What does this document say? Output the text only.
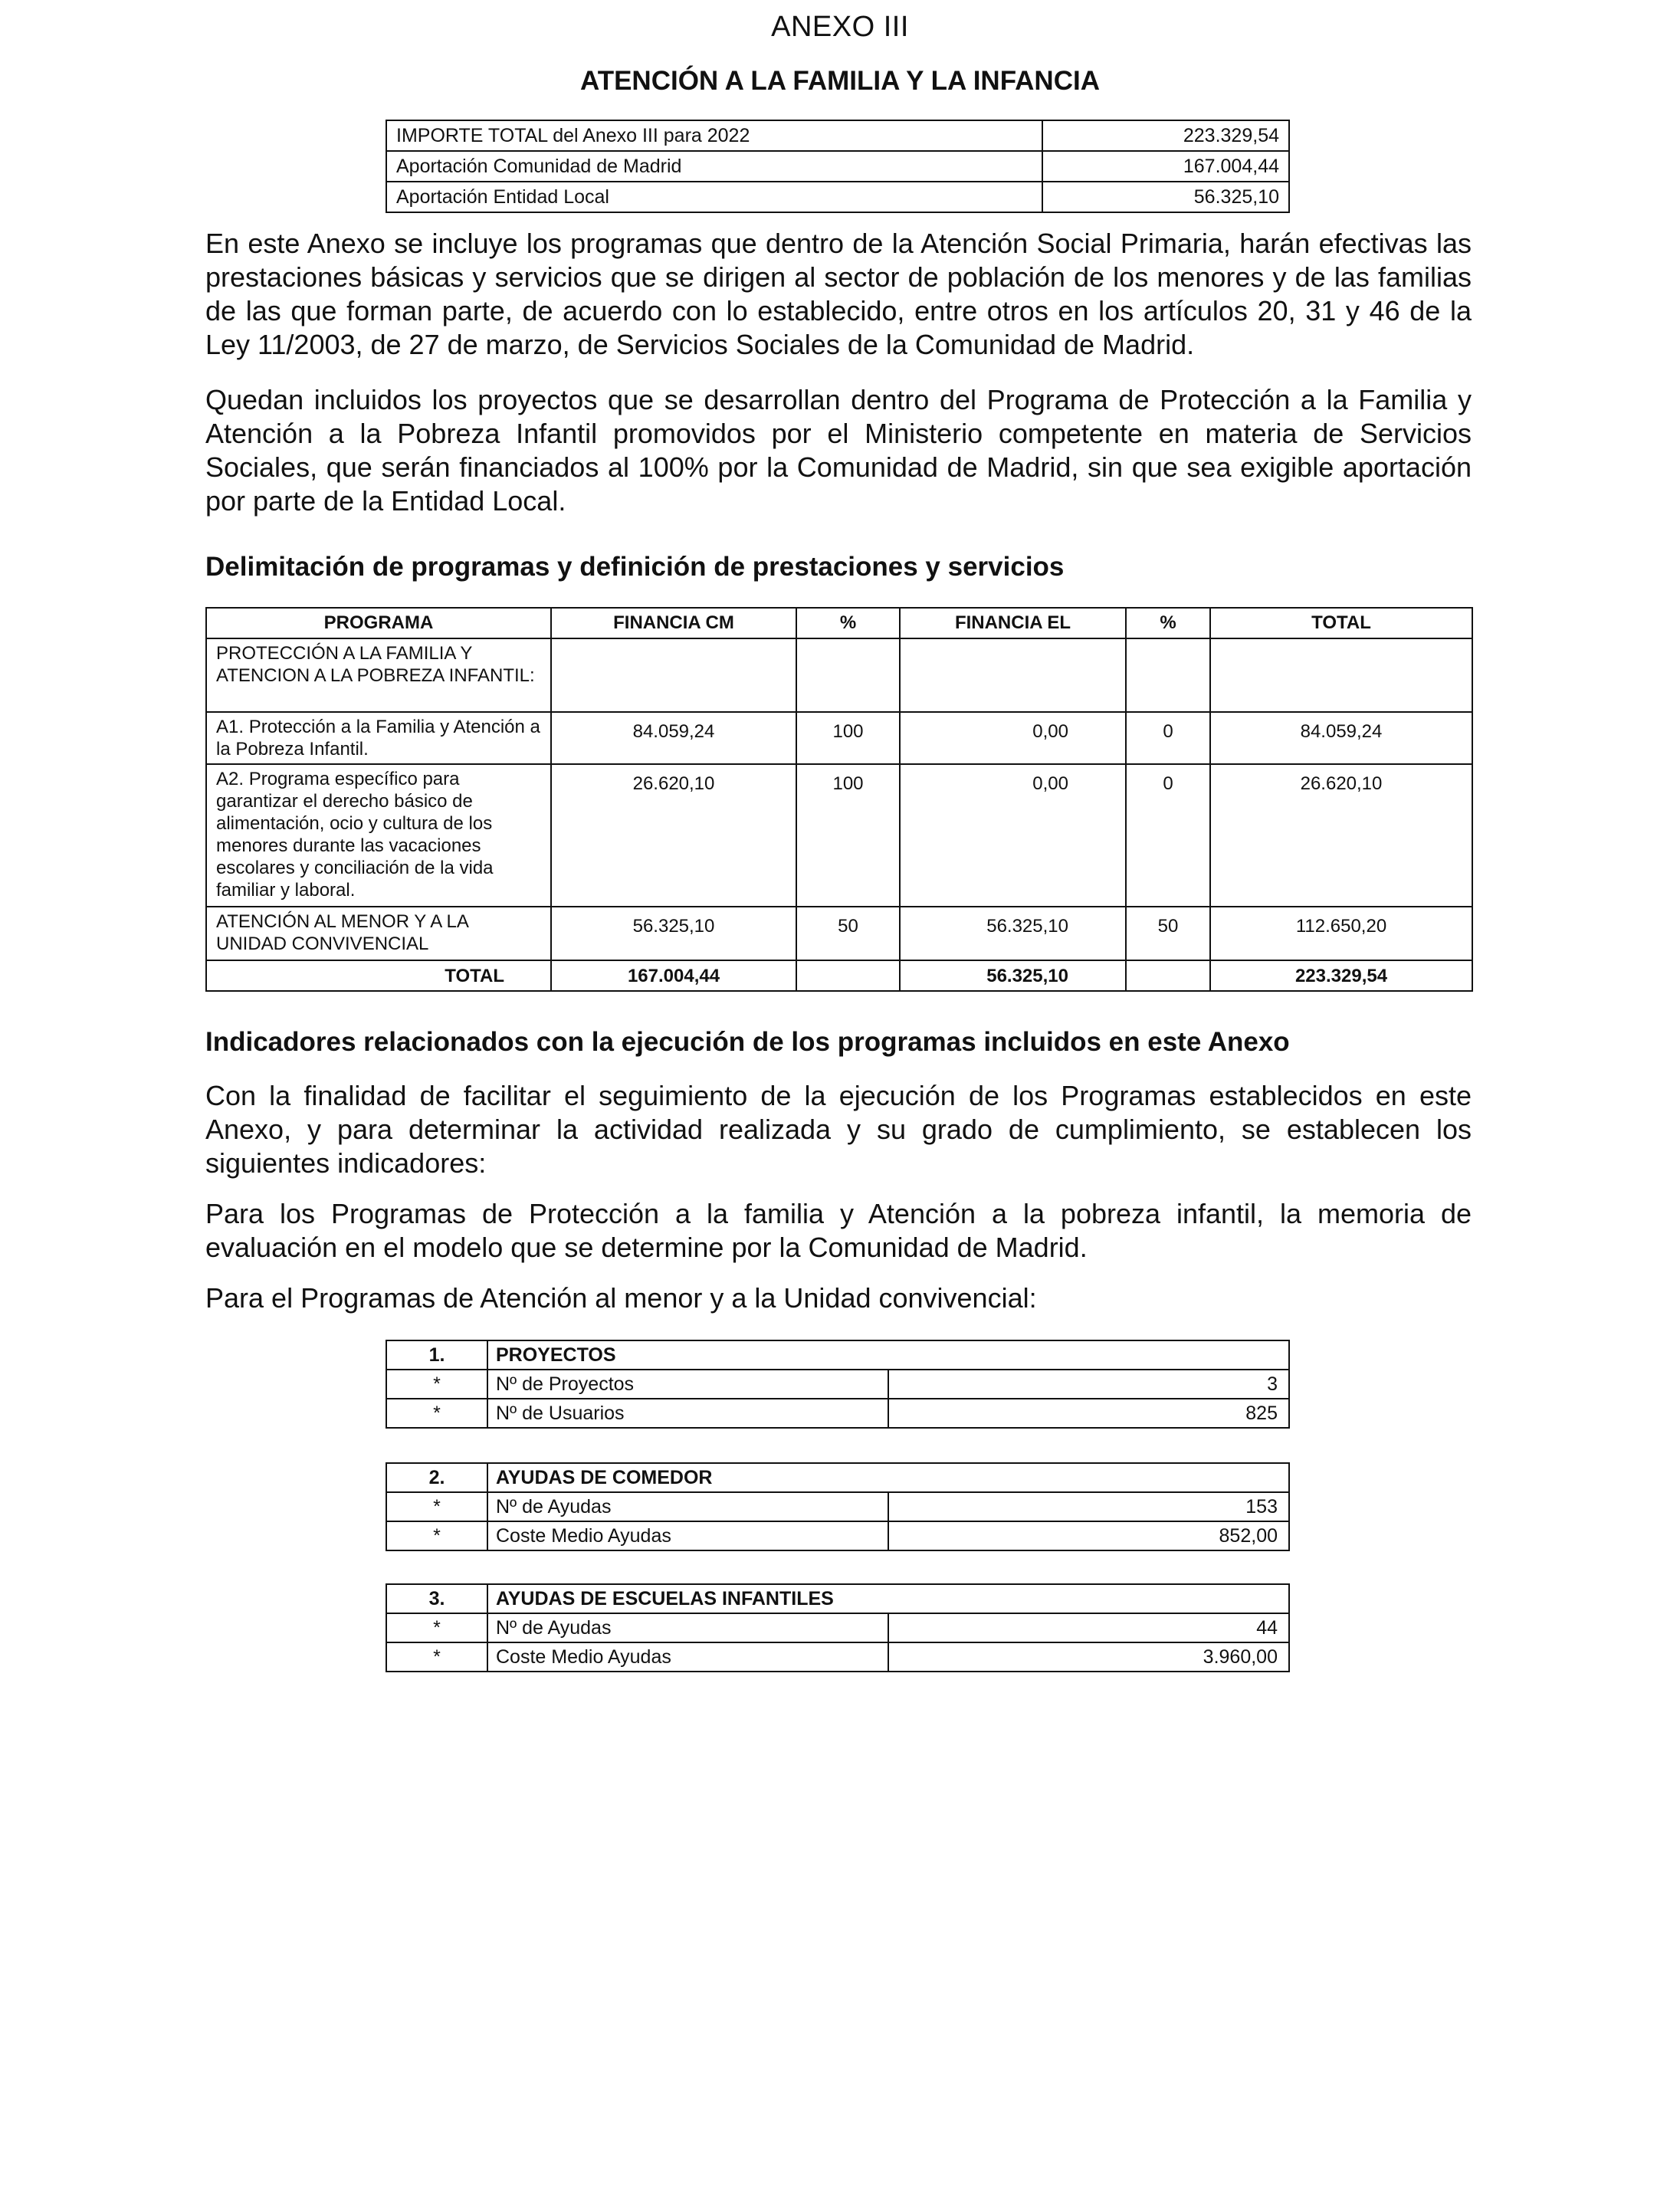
ANEXO III
ATENCIÓN A LA FAMILIA Y LA INFANCIA
IMPORTE TOTAL del Anexo III para 2022	223.329,54
Aportación Comunidad de Madrid	167.004,44
Aportación Entidad Local	56.325,10

En este Anexo se incluye los programas que dentro de la Atención Social Primaria, harán efectivas las prestaciones básicas y servicios que se dirigen al sector de población de los menores y de las familias de las que forman parte, de acuerdo con lo establecido, entre otros en los artículos 20, 31 y 46 de la Ley 11/2003, de 27 de marzo, de Servicios Sociales de la Comunidad de Madrid.

Quedan incluidos los proyectos que se desarrollan dentro del Programa de Protección a la Familia y Atención a la Pobreza Infantil promovidos por el Ministerio competente en materia de Servicios Sociales, que serán financiados al 100% por la Comunidad de Madrid, sin que sea exigible aportación por parte de la Entidad Local.

Delimitación de programas y definición de prestaciones y servicios
PROGRAMA	FINANCIA CM	%	FINANCIA EL	%	TOTAL
PROTECCIÓN A LA FAMILIA Y ATENCION A LA POBREZA INFANTIL:					
A1. Protección a la Familia y Atención a la Pobreza Infantil.	84.059,24	100	0,00	0	84.059,24
A2. Programa específico para garantizar el derecho básico de alimentación, ocio y cultura de los menores durante las vacaciones escolares y conciliación de la vida familiar y laboral.	26.620,10	100	0,00	0	26.620,10
ATENCIÓN AL MENOR Y A LA UNIDAD CONVIVENCIAL	56.325,10	50	56.325,10	50	112.650,20
TOTAL	167.004,44		56.325,10		223.329,54
Indicadores relacionados con la ejecución de los programas incluidos en este Anexo

Con la finalidad de facilitar el seguimiento de la ejecución de los Programas establecidos en este Anexo, y para determinar la actividad realizada y su grado de cumplimiento, se establecen los siguientes indicadores:

Para los Programas de Protección a la familia y Atención a la pobreza infantil, la memoria de evaluación en el modelo que se determine por la Comunidad de Madrid.

Para el Programas de Atención al menor y a la Unidad convivencial:

1.	PROYECTOS	
*	Nº de Proyectos	3
*	Nº de Usuarios	825
2.	AYUDAS DE COMEDOR	
*	Nº de Ayudas	153
*	Coste Medio Ayudas	852,00
3.	AYUDAS DE ESCUELAS INFANTILES	
*	Nº de Ayudas	44
*	Coste Medio Ayudas	3.960,00
